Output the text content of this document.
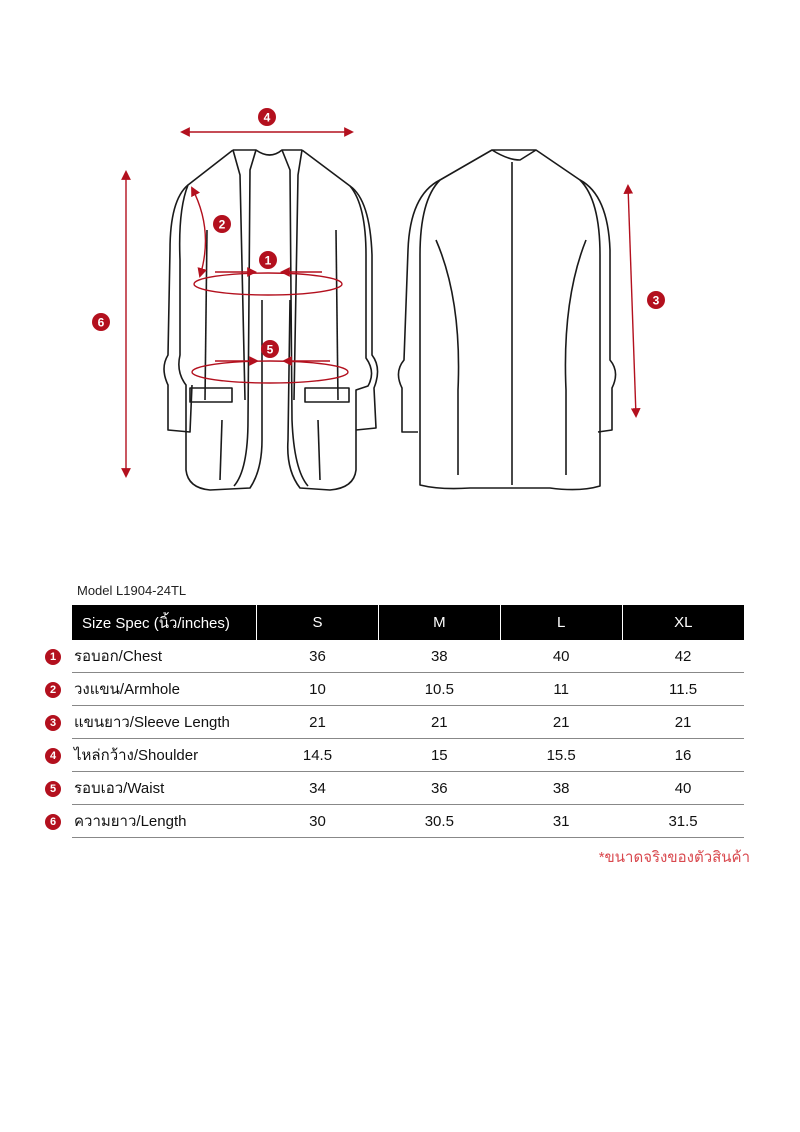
1
2
3
4
5
6
Model L1904-24TL
Size Spec (นิ้ว/inches)	S	M	L	XL
รอบอก/Chest	36	38	40	42
วงแขน/Armhole	10	10.5	11	11.5
แขนยาว/Sleeve Length	21	21	21	21
ไหล่กว้าง/Shoulder	14.5	15	15.5	16
รอบเอว/Waist	34	36	38	40
ความยาว/Length	30	30.5	31	31.5
1
2
3
4
5
6
*ขนาดจริงของตัวสินค้า
